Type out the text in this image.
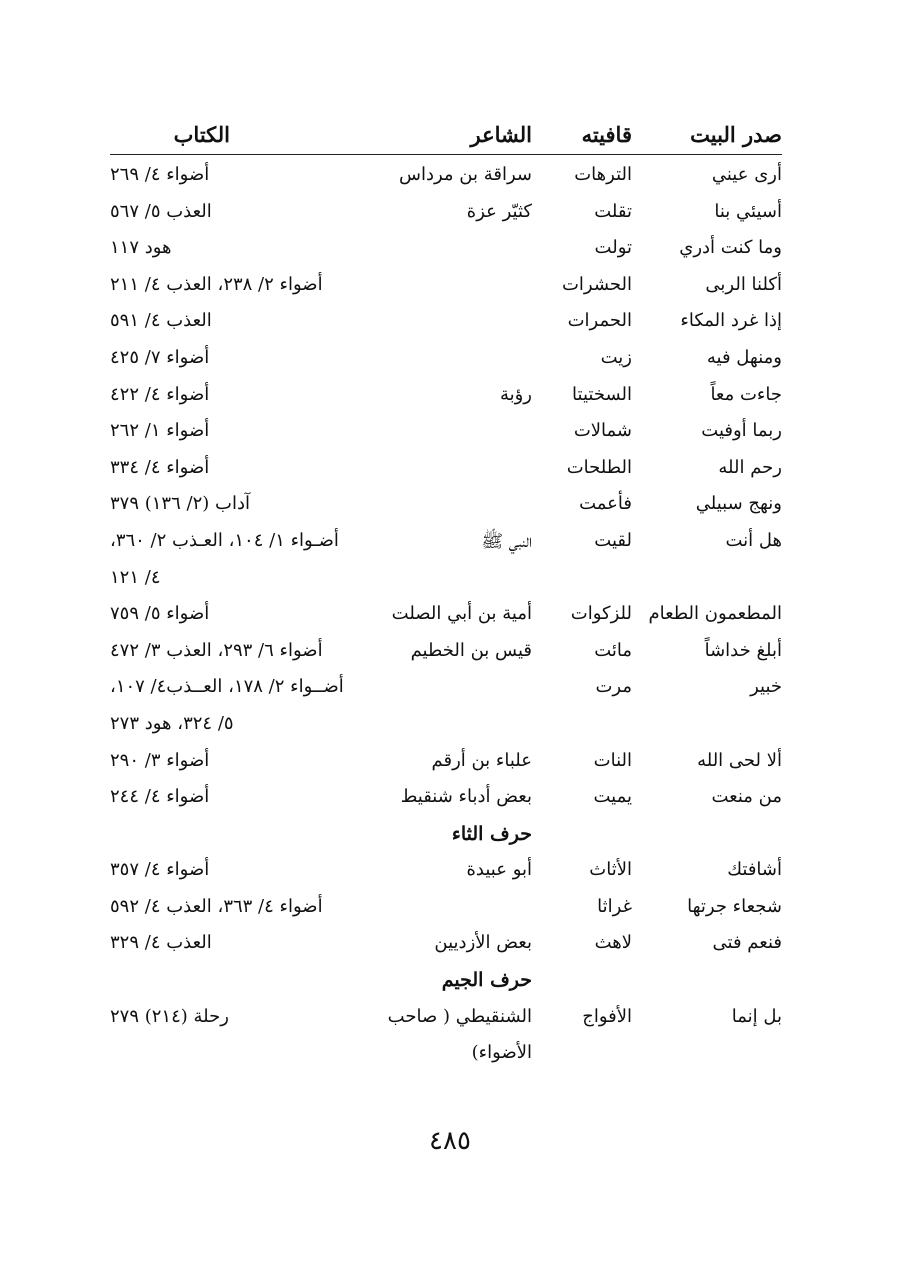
صدر البيت
قافيته
الشاعر
الكتاب
أرى عيني
الترهات
سراقة بن مرداس
أضواء ٤/ ٢٦٩
أسيئي بنا
تقلت
كثيّر عزة
العذب ٥/ ٥٦٧
وما كنت أدري
تولت
هود ١١٧
أكلنا الربى
الحشرات
أضواء ٢/ ٢٣٨، العذب ٤/ ٢١١
إذا غرد المكاء
الحمرات
العذب ٤/ ٥٩١
ومنهل فيه
زيت
أضواء ٧/ ٤٢٥
جاءت معاً
السختيتا
رؤبة
أضواء ٤/ ٤٢٢
ربما أوفيت
شمالات
أضواء ١/ ٢٦٢
رحم الله
الطلحات
أضواء ٤/ ٣٣٤
ونهج سبيلي
فأعمت
آداب (٢/ ١٣٦) ٣٧٩
هل أنت
لقيت
النبي ﷺ
أضـواء ١/ ١٠٤، العـذب ٢/ ٣٦٠،
٤/ ١٢١
المطعمون الطعام
للزكوات
أمية بن أبي الصلت
أضواء ٥/ ٧٥٩
أبلغ خداشاً
مائت
قيس بن الخطيم
أضواء ٦/ ٢٩٣، العذب ٣/ ٤٧٢
خبير
مرت
أضــواء ٢/ ١٧٨، العــذب٤/ ١٠٧،
٥/ ٣٢٤، هود ٢٧٣
ألا لحى الله
النات
علباء بن أرقم
أضواء ٣/ ٢٩٠
من منعت
يميت
بعض أدباء شنقيط
أضواء ٤/ ٢٤٤
حرف الثاء
أشافتك
الأثاث
أبو عبيدة
أضواء ٤/ ٣٥٧
شجعاء جرتها
غراثا
أضواء ٤/ ٣٦٣، العذب ٤/ ٥٩٢
فنعم فتى
لاهث
بعض الأزديين
العذب ٤/ ٣٢٩
حرف الجيم
بل إنما
الأفواج
الشنقيطي ( صاحب
رحلة (٢١٤) ٢٧٩
الأضواء)
٤٨٥
